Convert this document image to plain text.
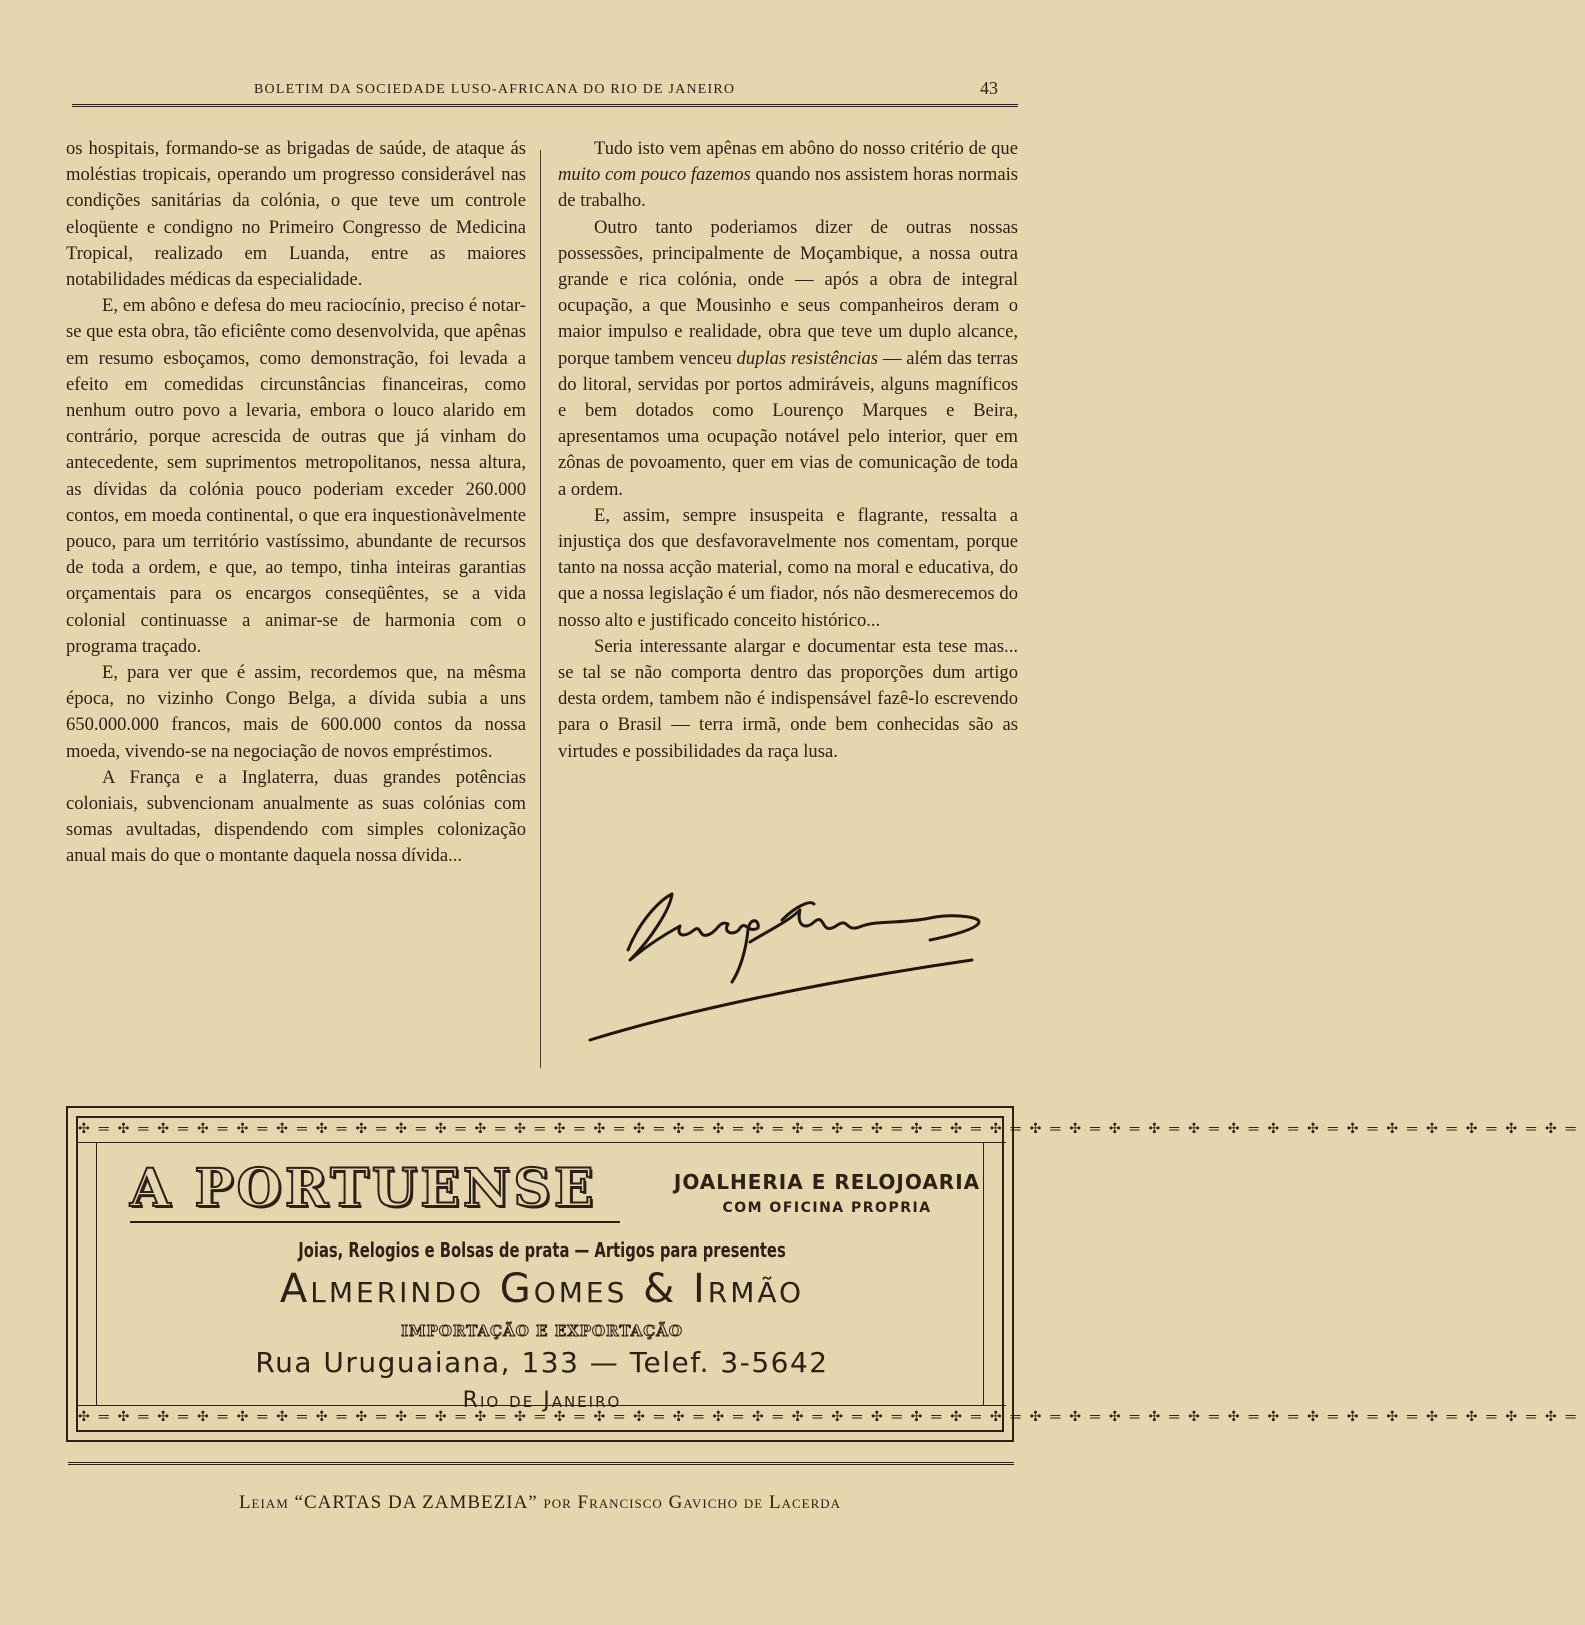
BOLETIM DA SOCIEDADE LUSO-AFRICANA DO RIO DE JANEIRO	43

os hospitais, formando-se as brigadas de saúde, de ataque ás moléstias tropicais, operando um progresso considerável nas condições sanitárias da colónia, o que teve um controle eloqüente e condigno no Primeiro Congresso de Medicina Tropical, realizado em Luanda, entre as maiores notabilidades médicas da especialidade.

E, em abôno e defesa do meu raciocínio, preciso é notar-se que esta obra, tão eficiênte como desenvolvida, que apênas em resumo esboçamos, como demonstração, foi levada a efeito em comedidas circunstâncias financeiras, como nenhum outro povo a levaria, embora o louco alarido em contrário, porque acrescida de outras que já vinham do antecedente, sem suprimentos metropolitanos, nessa altura, as dívidas da colónia pouco poderiam exceder 260.000 contos, em moeda continental, o que era inquestionàvelmente pouco, para um território vastíssimo, abundante de recursos de toda a ordem, e que, ao tempo, tinha inteiras garantias orçamentais para os encargos conseqüêntes, se a vida colonial continuasse a animar-se de harmonia com o programa traçado.

E, para ver que é assim, recordemos que, na mêsma época, no vizinho Congo Belga, a dívida subia a uns 650.000.000 francos, mais de 600.000 contos da nossa moeda, vivendo-se na negociação de novos empréstimos.

A França e a Inglaterra, duas grandes potências coloniais, subvencionam anualmente as suas colónias com somas avultadas, dispendendo com simples colonização anual mais do que o montante daquela nossa dívida...

Tudo isto vem apênas em abôno do nosso critério de que muito com pouco fazemos quando nos assistem horas normais de trabalho.

Outro tanto poderiamos dizer de outras nossas possessões, principalmente de Moçambique, a nossa outra grande e rica colónia, onde — após a obra de integral ocupação, a que Mousinho e seus companheiros deram o maior impulso e realidade, obra que teve um duplo alcance, porque tambem venceu duplas resistências — além das terras do litoral, servidas por portos admiráveis, alguns magníficos e bem dotados como Lourenço Marques e Beira, apresentamos uma ocupação notável pelo interior, quer em zônas de povoamento, quer em vias de comunicação de toda a ordem.

E, assim, sempre insuspeita e flagrante, ressalta a injustiça dos que desfavoravelmente nos comentam, porque tanto na nossa acção material, como na moral e educativa, do que a nossa legislação é um fiador, nós não desmerecemos do nosso alto e justificado conceito histórico...

Seria interessante alargar e documentar esta tese mas... se tal se não comporta dentro das proporções dum artigo desta ordem, tambem não é indispensável fazê-lo escrevendo para o Brasil — terra irmã, onde bem conhecidas são as virtudes e possibilidades da raça lusa.

✣═✣═✣═✣═✣═✣═✣═✣═✣═✣═✣═✣═✣═✣═✣═✣═✣═✣═✣═✣═✣═✣═✣═✣═✣═✣═✣═✣═✣═✣═✣═✣═✣═✣═✣═✣═✣═✣═
A PORTUENSE	JOALHERIA E RELOJOARIA
COM OFICINA PROPRIA
Joias, Relogios e Bolsas de prata — Artigos para presentes
Almerindo Gomes & Irmão
IMPORTAÇÃO E EXPORTAÇÃO
Rua Uruguaiana, 133 — Telef. 3-5642
Rio de Janeiro
✣═✣═✣═✣═✣═✣═✣═✣═✣═✣═✣═✣═✣═✣═✣═✣═✣═✣═✣═✣═✣═✣═✣═✣═✣═✣═✣═✣═✣═✣═✣═✣═✣═✣═✣═✣═✣═✣═
Leiam “CARTAS DA ZAMBEZIA” por Francisco Gavicho de Lacerda
